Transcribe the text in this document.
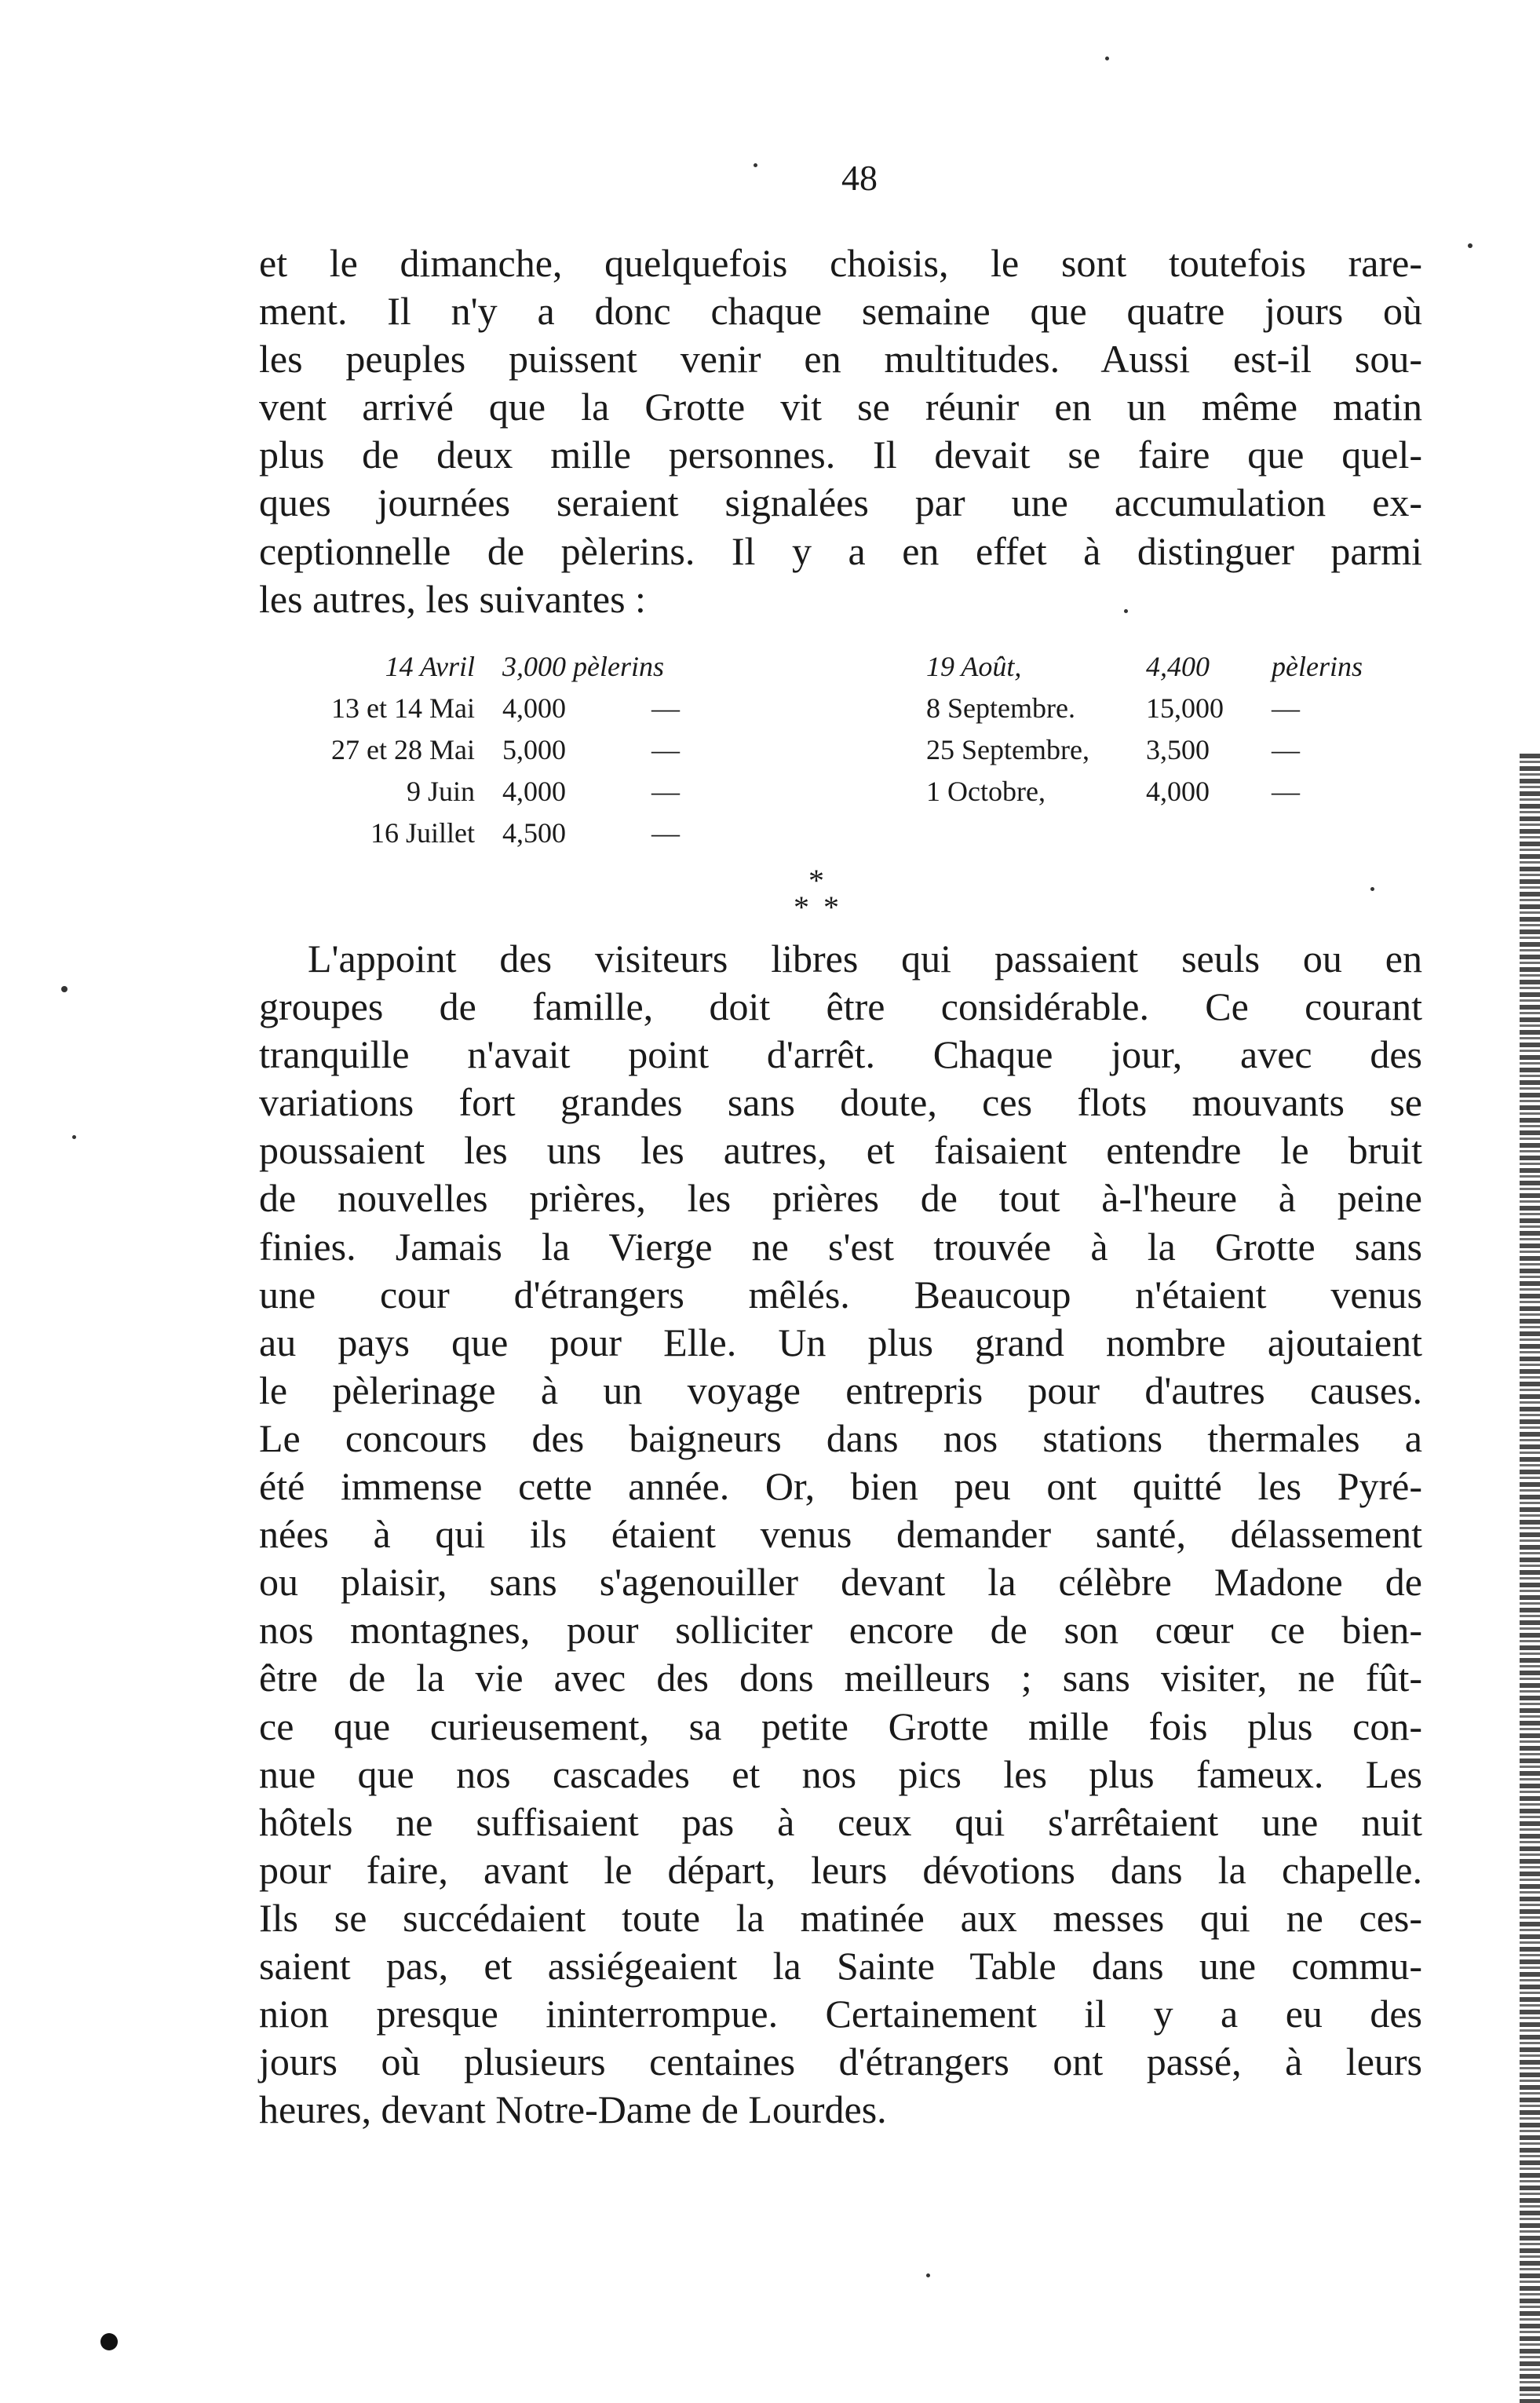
48
et le dimanche, quelquefois choisis, le sont toutefois rare-
ment. Il n'y a donc chaque semaine que quatre jours où
les peuples puissent venir en multitudes. Aussi est-il sou-
vent arrivé que la Grotte vit se réunir en un même matin
plus de deux mille personnes. Il devait se faire que quel-
ques journées seraient signalées par une accumulation ex-
ceptionnelle de pèlerins. Il y a en effet à distinguer parmi
les autres, les suivantes :
14 Avril 3,000 pèlerins
13 et 14 Mai 4,000	—
27 et 28 Mai 5,000	—
9 Juin 4,000	—
16 Juillet 4,500	—
19 Août,	4,400 pèlerins
8 Septembre.	15,000 —
25 Septembre, 3,500 —
1 Octobre,	4,000 —
*
**
L'appoint des visiteurs libres qui passaient seuls ou en
groupes de famille, doit être considérable. Ce courant
tranquille n'avait point d'arrêt. Chaque jour, avec des
variations fort grandes sans doute, ces flots mouvants se
poussaient les uns les autres, et faisaient entendre le bruit
de nouvelles prières, les prières de tout à-l'heure à peine
finies. Jamais la Vierge ne s'est trouvée à la Grotte sans
une cour d'étrangers mêlés. Beaucoup n'étaient venus
au pays que pour Elle. Un plus grand nombre ajoutaient
le pèlerinage à un voyage entrepris pour d'autres causes.
Le concours des baigneurs dans nos stations thermales a
été immense cette année. Or, bien peu ont quitté les Pyré-
nées à qui ils étaient venus demander santé, délassement
ou plaisir, sans s'agenouiller devant la célèbre Madone de
nos montagnes, pour solliciter encore de son cœur ce bien-
être de la vie avec des dons meilleurs ; sans visiter, ne fût-
ce que curieusement, sa petite Grotte mille fois plus con-
nue que nos cascades et nos pics les plus fameux. Les
hôtels ne suffisaient pas à ceux qui s'arrêtaient une nuit
pour faire, avant le départ, leurs dévotions dans la chapelle.
Ils se succédaient toute la matinée aux messes qui ne ces-
saient pas, et assiégeaient la Sainte Table dans une commu-
nion presque ininterrompue. Certainement il y a eu des
jours où plusieurs centaines d'étrangers ont passé, à leurs
heures, devant Notre-Dame de Lourdes.
